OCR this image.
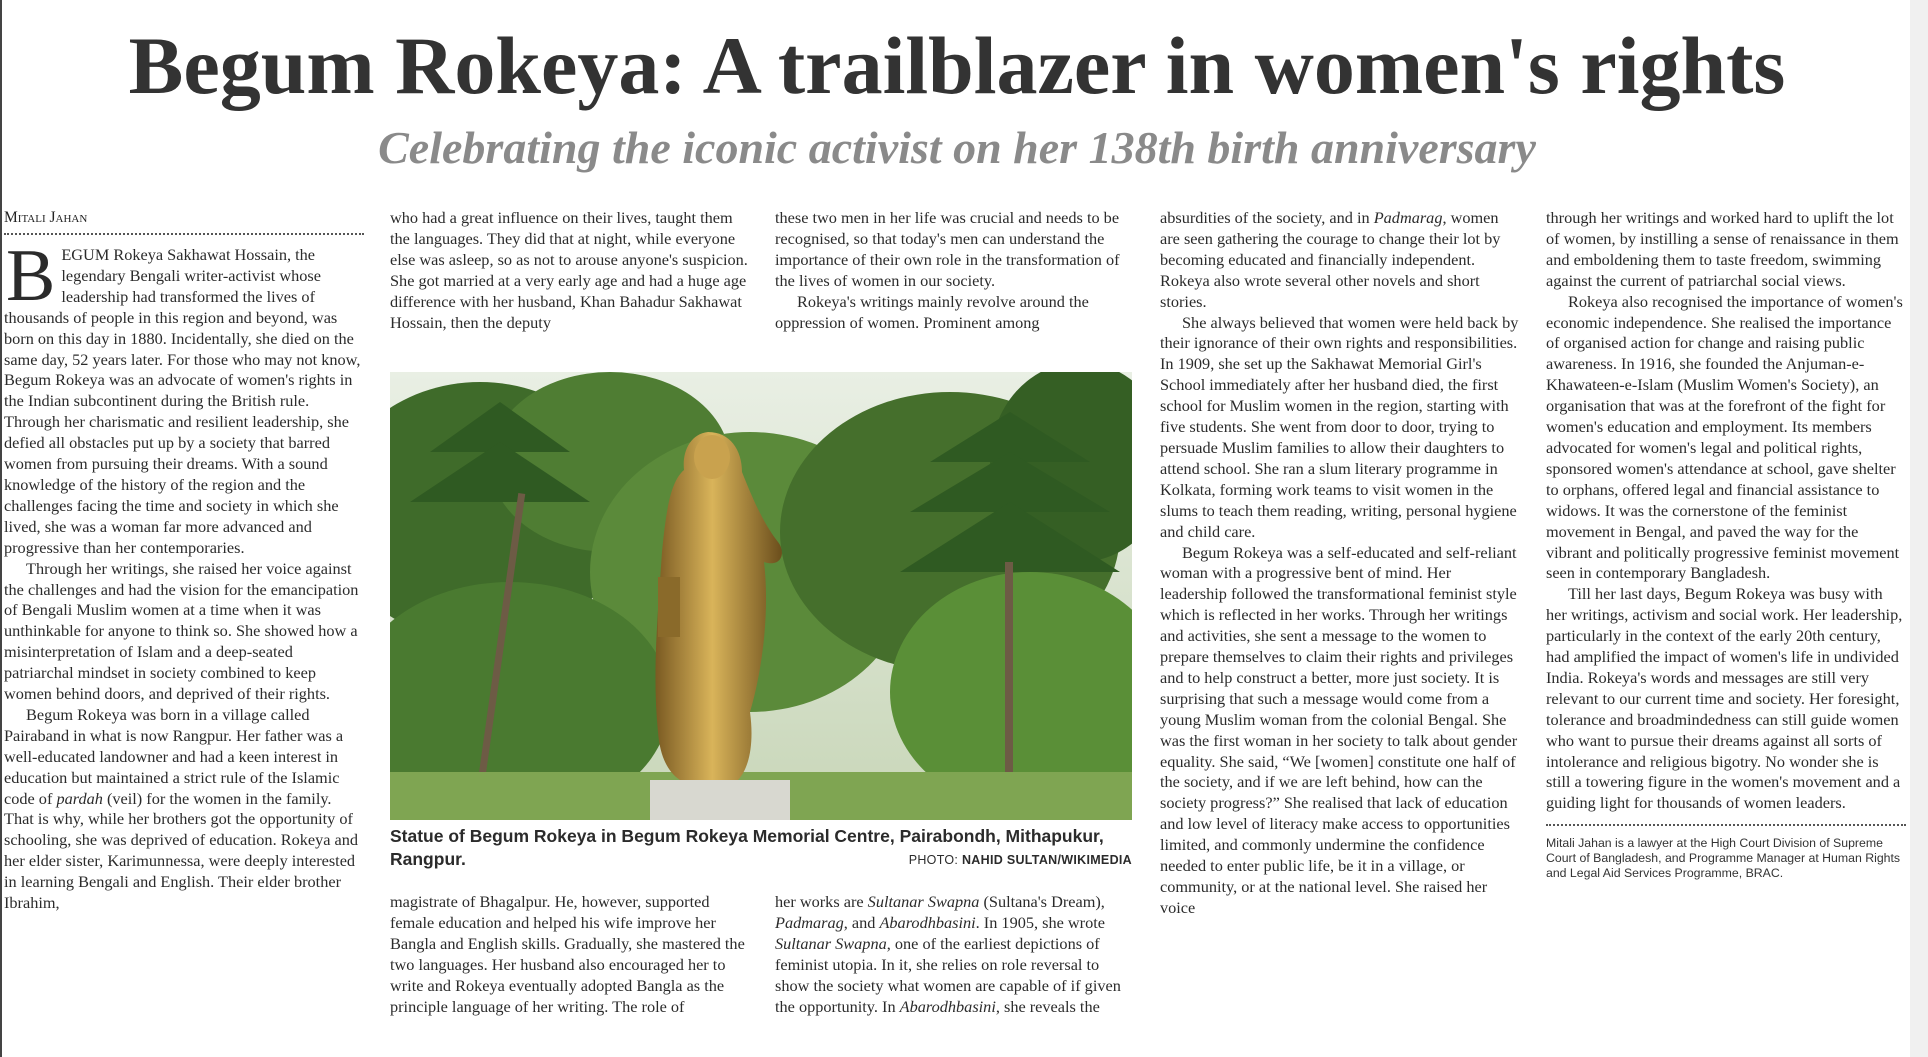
Begum Rokeya: A trailblazer in women's rights
Celebrating the iconic activist on her 138th birth anniversary
Mitali Jahan

BEGUM Rokeya Sakhawat Hossain, the legendary Bengali writer-activist whose leadership had transformed the lives of thousands of people in this region and beyond, was born on this day in 1880. Incidentally, she died on the same day, 52 years later. For those who may not know, Begum Rokeya was an advocate of women's rights in the Indian subcontinent during the British rule. Through her charismatic and resilient leadership, she defied all obstacles put up by a society that barred women from pursuing their dreams. With a sound knowledge of the history of the region and the challenges facing the time and society in which she lived, she was a woman far more advanced and progressive than her contemporaries.

Through her writings, she raised her voice against the challenges and had the vision for the emancipation of Bengali Muslim women at a time when it was unthinkable for anyone to think so. She showed how a misinterpretation of Islam and a deep-seated patriarchal mindset in society combined to keep women behind doors, and deprived of their rights.

Begum Rokeya was born in a village called Pairaband in what is now Rangpur. Her father was a well-educated landowner and had a keen interest in education but maintained a strict rule of the Islamic code of pardah (veil) for the women in the family. That is why, while her brothers got the opportunity of schooling, she was deprived of education. Rokeya and her elder sister, Karimunnessa, were deeply interested in learning Bengali and English. Their elder brother Ibrahim,

who had a great influence on their lives, taught them the languages. They did that at night, while everyone else was asleep, so as not to arouse anyone's suspicion. She got married at a very early age and had a huge age difference with her husband, Khan Bahadur Sakhawat Hossain, then the deputy

these two men in her life was crucial and needs to be recognised, so that today's men can understand the importance of their own role in the transformation of the lives of women in our society.

Rokeya's writings mainly revolve around the oppression of women. Prominent among

Statue of Begum Rokeya in Begum Rokeya Memorial Centre, Pairabondh, Mithapukur, Rangpur.	PHOTO: NAHID SULTAN/WIKIMEDIA

magistrate of Bhagalpur. He, however, supported female education and helped his wife improve her Bangla and English skills. Gradually, she mastered the two languages. Her husband also encouraged her to write and Rokeya eventually adopted Bangla as the principle language of her writing. The role of

her works are Sultanar Swapna (Sultana's Dream), Padmarag, and Abarodhbasini. In 1905, she wrote Sultanar Swapna, one of the earliest depictions of feminist utopia. In it, she relies on role reversal to show the society what women are capable of if given the opportunity. In Abarodhbasini, she reveals the

absurdities of the society, and in Padmarag, women are seen gathering the courage to change their lot by becoming educated and financially independent. Rokeya also wrote several other novels and short stories.

She always believed that women were held back by their ignorance of their own rights and responsibilities. In 1909, she set up the Sakhawat Memorial Girl's School immediately after her husband died, the first school for Muslim women in the region, starting with five students. She went from door to door, trying to persuade Muslim families to allow their daughters to attend school. She ran a slum literary programme in Kolkata, forming work teams to visit women in the slums to teach them reading, writing, personal hygiene and child care.

Begum Rokeya was a self-educated and self-reliant woman with a progressive bent of mind. Her leadership followed the transformational feminist style which is reflected in her works. Through her writings and activities, she sent a message to the women to prepare themselves to claim their rights and privileges and to help construct a better, more just society. It is surprising that such a message would come from a young Muslim woman from the colonial Bengal. She was the first woman in her society to talk about gender equality. She said, “We [women] constitute one half of the society, and if we are left behind, how can the society progress?” She realised that lack of education and low level of literacy make access to opportunities limited, and commonly undermine the confidence needed to enter public life, be it in a village, or community, or at the national level. She raised her voice

through her writings and worked hard to uplift the lot of women, by instilling a sense of renaissance in them and emboldening them to taste freedom, swimming against the current of patriarchal social views.

Rokeya also recognised the importance of women's economic independence. She realised the importance of organised action for change and raising public awareness. In 1916, she founded the Anjuman-e-Khawateen-e-Islam (Muslim Women's Society), an organisation that was at the forefront of the fight for women's education and employment. Its members advocated for women's legal and political rights, sponsored women's attendance at school, gave shelter to orphans, offered legal and financial assistance to widows. It was the cornerstone of the feminist movement in Bengal, and paved the way for the vibrant and politically progressive feminist movement seen in contemporary Bangladesh.

Till her last days, Begum Rokeya was busy with her writings, activism and social work. Her leadership, particularly in the context of the early 20th century, had amplified the impact of women's life in undivided India. Rokeya's words and messages are still very relevant to our current time and society. Her foresight, tolerance and broadmindedness can still guide women who want to pursue their dreams against all sorts of intolerance and religious bigotry. No wonder she is still a towering figure in the women's movement and a guiding light for thousands of women leaders.

Mitali Jahan is a lawyer at the High Court Division of Supreme Court of Bangladesh, and Programme Manager at Human Rights and Legal Aid Services Programme, BRAC.
